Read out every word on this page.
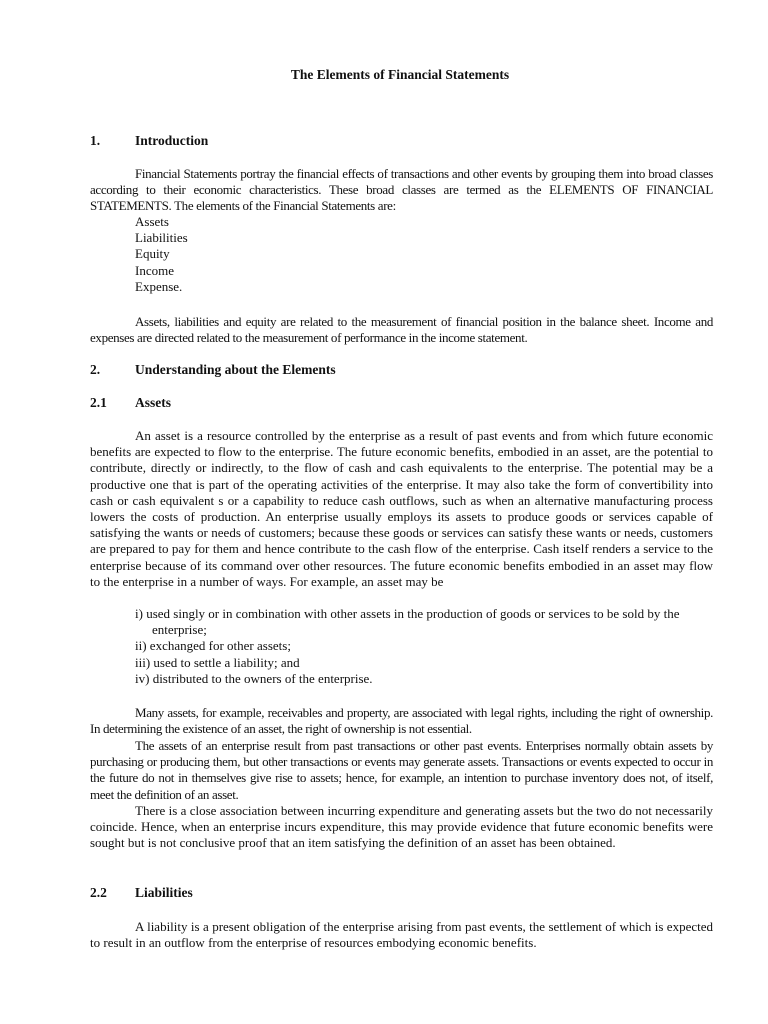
The Elements of Financial Statements
1.	Introduction

Financial Statements portray the financial effects of transactions and other events by grouping them into broad classes according to their economic characteristics. These broad classes are termed as the ELEMENTS OF FINANCIAL STATEMENTS. The elements of the Financial Statements are:

Assets
Liabilities
Equity
Income
Expense.

Assets, liabilities and equity are related to the measurement of financial position in the balance sheet. Income and expenses are directed related to the measurement of performance in the income statement.

2.	Understanding about the Elements
2.1 Assets

An asset is a resource controlled by the enterprise as a result of past events and from which future economic benefits are expected to flow to the enterprise. The future economic benefits, embodied in an asset, are the potential to contribute, directly or indirectly, to the flow of cash and cash equivalents to the enterprise. The potential may be a productive one that is part of the operating activities of the enterprise. It may also take the form of convertibility into cash or cash equivalent s or a capability to reduce cash outflows, such as when an alternative manufacturing process lowers the costs of production. An enterprise usually employs its assets to produce goods or services capable of satisfying the wants or needs of customers; because these goods or services can satisfy these wants or needs, customers are prepared to pay for them and hence contribute to the cash flow of the enterprise. Cash itself renders a service to the enterprise because of its command over other resources. The future economic benefits embodied in an asset may flow to the enterprise in a number of ways. For example, an asset may be

i) used singly or in combination with other assets in the production of goods or services to be sold by the enterprise;
ii) exchanged for other assets;
iii) used to settle a liability; and
iv) distributed to the owners of the enterprise.

Many assets, for example, receivables and property, are associated with legal rights, including the right of ownership. In determining the existence of an asset, the right of ownership is not essential.

The assets of an enterprise result from past transactions or other past events. Enterprises normally obtain assets by purchasing or producing them, but other transactions or events may generate assets. Transactions or events expected to occur in the future do not in themselves give rise to assets; hence, for example, an intention to purchase inventory does not, of itself, meet the definition of an asset.

There is a close association between incurring expenditure and generating assets but the two do not necessarily coincide. Hence, when an enterprise incurs expenditure, this may provide evidence that future economic benefits were sought but is not conclusive proof that an item satisfying the definition of an asset has been obtained.

2.2 Liabilities

A liability is a present obligation of the enterprise arising from past events, the settlement of which is expected to result in an outflow from the enterprise of resources embodying economic benefits.
